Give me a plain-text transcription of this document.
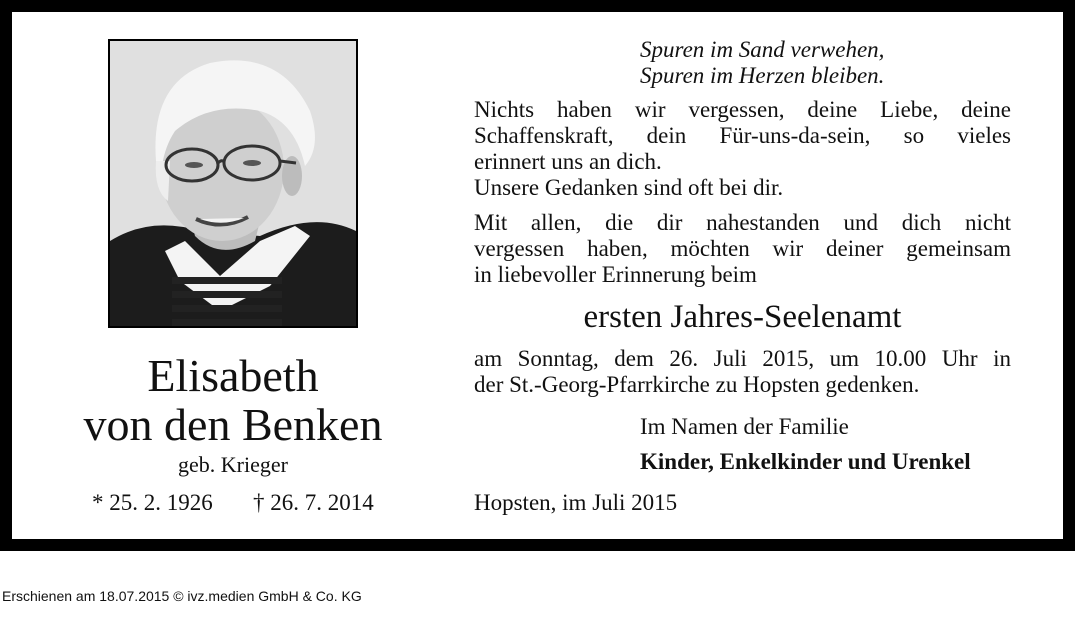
Elisabeth
von den Benken
geb. Krieger
* 25. 2. 1926 † 26. 7. 2014
Spuren im Sand verwehen,
Spuren im Herzen bleiben.
Nichts haben wir vergessen, deine Liebe, deine
Schaffenskraft, dein Für-uns-da-sein, so vieles
erinnert uns an dich.
Unsere Gedanken sind oft bei dir.
Mit allen, die dir nahestanden und dich nicht
vergessen haben, möchten wir deiner gemeinsam
in liebevoller Erinnerung beim
ersten Jahres-Seelenamt
am Sonntag, dem 26. Juli 2015, um 10.00 Uhr in
der St.-Georg-Pfarrkirche zu Hopsten gedenken.
Im Namen der Familie
Kinder, Enkelkinder und Urenkel
Hopsten, im Juli 2015
Erschienen am 18.07.2015 © ivz.medien GmbH & Co. KG
